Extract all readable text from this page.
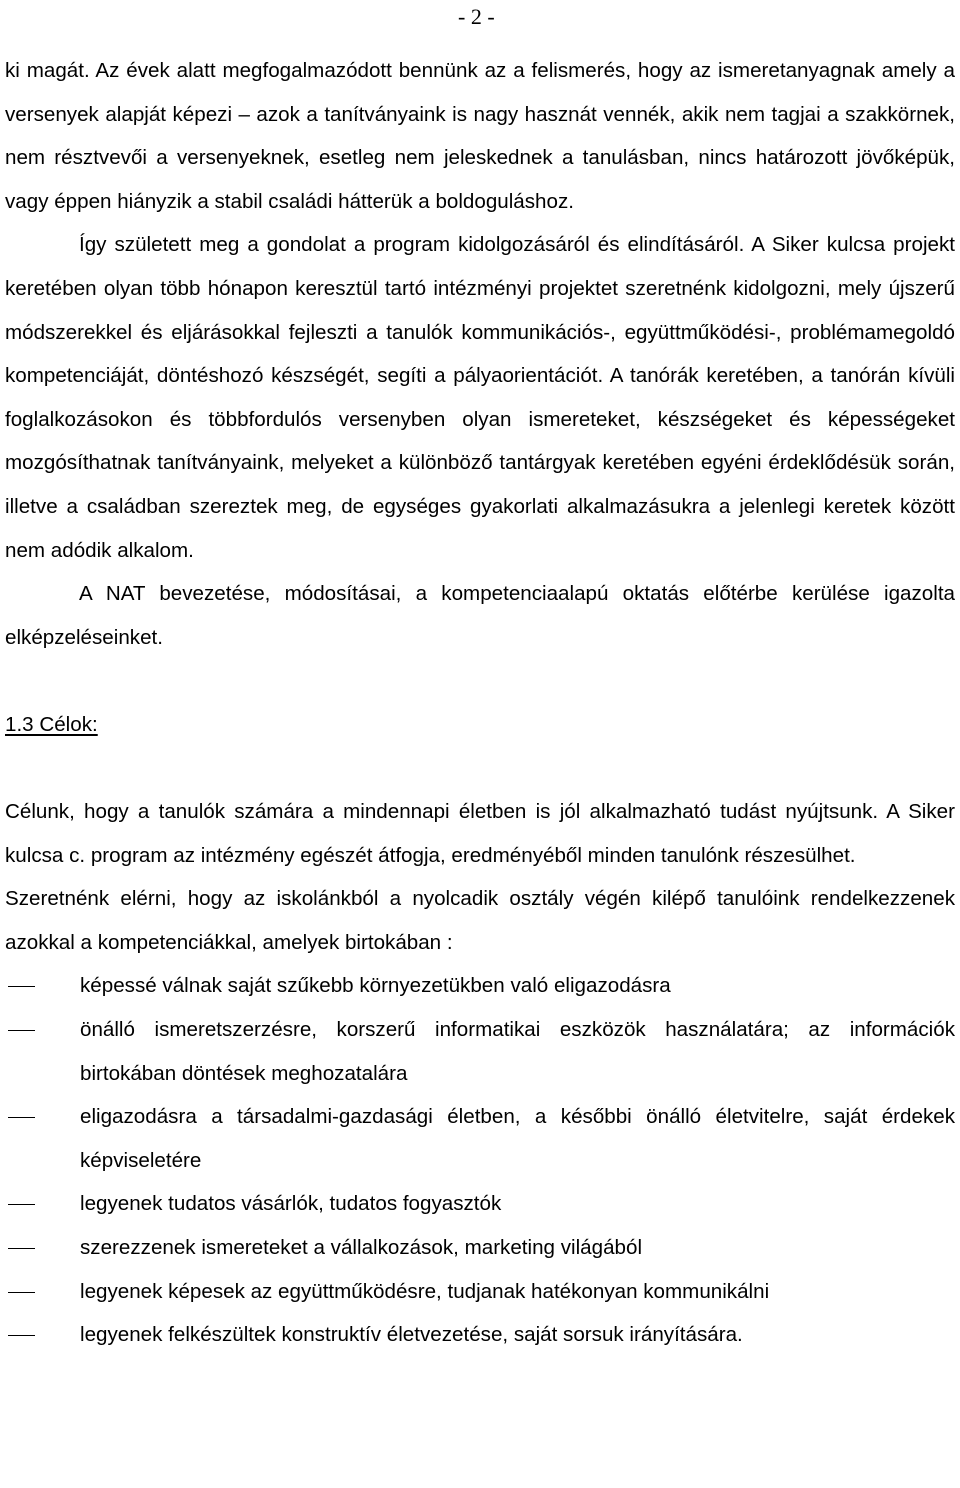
- 2 -

ki magát. Az évek alatt megfogalmazódott bennünk az a felismerés, hogy az ismeretanyagnak amely a versenyek alapját képezi – azok a tanítványaink is nagy hasznát vennék, akik nem tagjai a szakkörnek, nem résztvevői a versenyeknek, esetleg nem jeleskednek a tanulásban, nincs határozott jövőképük, vagy éppen hiányzik a stabil családi hátterük a boldoguláshoz.

Így született meg a gondolat a program kidolgozásáról és elindításáról. A Siker kulcsa projekt keretében olyan több hónapon keresztül tartó intézményi projektet szeretnénk kidolgozni, mely újszerű módszerekkel és eljárásokkal fejleszti a tanulók kommunikációs-, együttműködési-, problémamegoldó kompetenciáját, döntéshozó készségét, segíti a pályaorientációt. A tanórák keretében, a tanórán kívüli foglalkozásokon és többfordulós versenyben olyan ismereteket, készségeket és képességeket mozgósíthatnak tanítványaink, melyeket a különböző tantárgyak keretében egyéni érdeklődésük során, illetve a családban szereztek meg, de egységes gyakorlati alkalmazásukra a jelenlegi keretek között nem adódik alkalom.

A NAT bevezetése, módosításai, a kompetenciaalapú oktatás előtérbe kerülése igazolta elképzeléseinket.

1.3 Célok:

Célunk, hogy a tanulók számára a mindennapi életben is jól alkalmazható tudást nyújtsunk. A Siker kulcsa c. program az intézmény egészét átfogja, eredményéből minden tanulónk részesülhet.

Szeretnénk elérni, hogy az iskolánkból a nyolcadik osztály végén kilépő tanulóink rendelkezzenek azokkal a kompetenciákkal, amelyek birtokában :

képessé válnak saját szűkebb környezetükben való eligazodásra
önálló ismeretszerzésre, korszerű informatikai eszközök használatára; az információk birtokában döntések meghozatalára
eligazodásra a társadalmi-gazdasági életben, a későbbi önálló életvitelre, saját érdekek képviseletére
legyenek tudatos vásárlók, tudatos fogyasztók
szerezzenek ismereteket a vállalkozások, marketing világából
legyenek képesek az együttműködésre, tudjanak hatékonyan kommunikálni
legyenek felkészültek konstruktív életvezetése, saját sorsuk irányítására.
